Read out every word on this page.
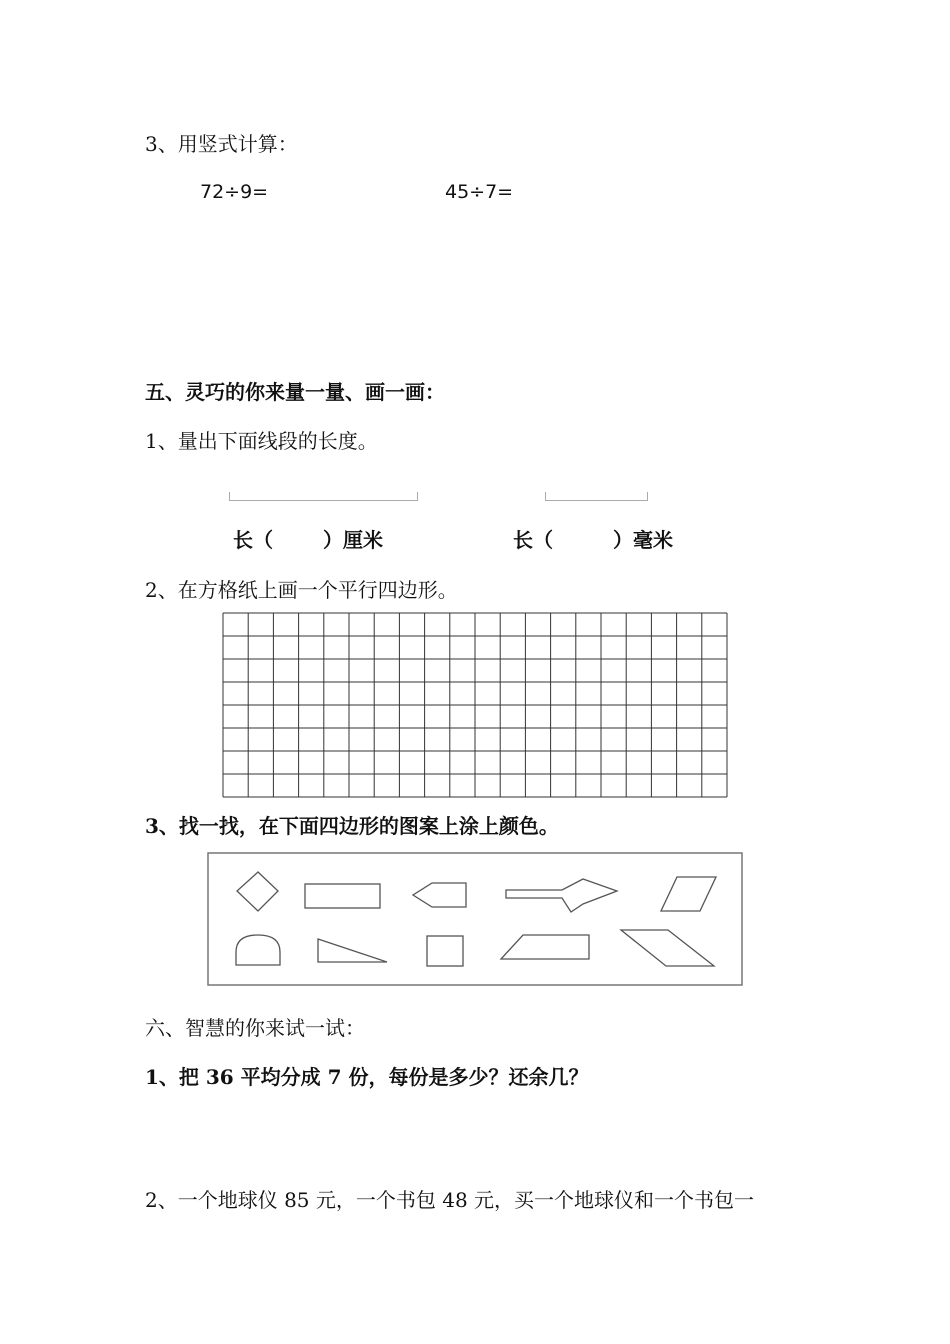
3、用竖式计算：
72÷9=	45÷7=
五、灵巧的你来量一量、画一画：
1、量出下面线段的长度。
长（	）厘米	长（	）毫米
2、在方格纸上画一个平行四边形。
3、找一找，在下面四边形的图案上涂上颜色。
六、智慧的你来试一试：
1、把 36 平均分成 7 份，每份是多少？还余几？
2、一个地球仪 85 元，一个书包 48 元，买一个地球仪和一个书包一
